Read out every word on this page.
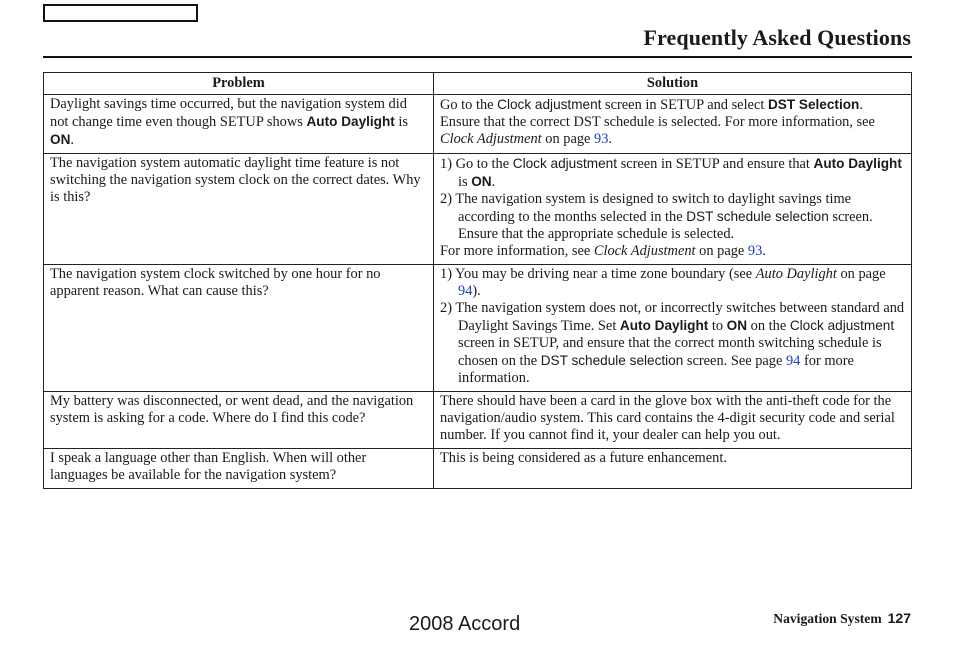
Frequently Asked Questions
Problem	Solution

Daylight savings time occurred, but the navigation system did not change time even though SETUP shows Auto Daylight is ON.	Go to the Clock adjustment screen in SETUP and select DST Selection. Ensure that the correct DST schedule is selected. For more information, see Clock Adjustment on page 93.

The navigation system automatic daylight time feature is not switching the navigation system clock on the correct dates. Why is this?	1) Go to the Clock adjustment screen in SETUP and ensure that Auto Daylight is ON.

2) The navigation system is designed to switch to daylight savings time according to the months selected in the DST schedule selection screen. Ensure that the appropriate schedule is selected.

For more information, see Clock Adjustment on page 93.

The navigation system clock switched by one hour for no apparent reason. What can cause this?	1) You may be driving near a time zone boundary (see Auto Daylight on page 94).

2) The navigation system does not, or incorrectly switches between standard and Daylight Savings Time. Set Auto Daylight to ON on the Clock adjustment screen in SETUP, and ensure that the correct month switching schedule is chosen on the DST schedule selection screen. See page 94 for more information.

My battery was disconnected, or went dead, and the navigation system is asking for a code. Where do I find this code?	There should have been a card in the glove box with the anti-theft code for the navigation/audio system. This card contains the 4-digit security code and serial number. If you cannot find it, your dealer can help you out.

I speak a language other than English. When will other languages be available for the navigation system?	This is being considered as a future enhancement.

Navigation System 127
2008 Accord
